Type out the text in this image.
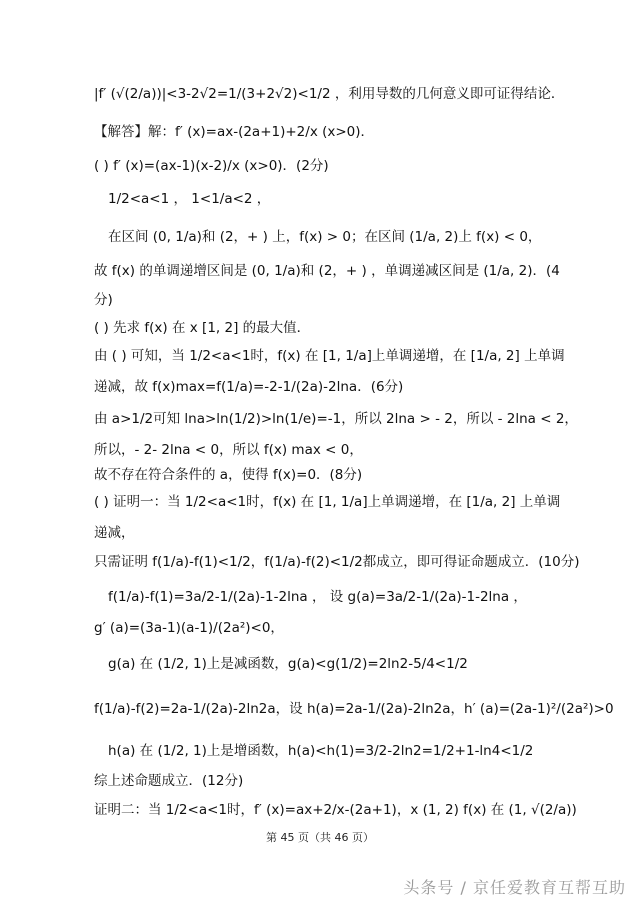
|f′ (√(2/a))|<3-2√2=1/(3+2√2)<1/2 ，利用导数的几何意义即可证得结论．
【解答】解：f′ (x)=ax-(2a+1)+2/x (x>0)．
( ) f′ (x)=(ax-1)(x-2)/x (x>0)．(2分)
1/2<a<1 ， 1<1/a<2 ，
在区间 (0, 1/a)和 (2，+ ) 上，f(x) > 0；在区间 (1/a, 2)上 f(x) < 0，
故 f(x) 的单调递增区间是 (0, 1/a)和 (2，+ ) ，单调递减区间是 (1/a, 2)．(4
分)
( ) 先求 f(x) 在 x [1, 2] 的最大值．
由 ( ) 可知，当 1/2<a<1时，f(x) 在 [1, 1/a]上单调递增，在 [1/a, 2] 上单调
递减，故 f(x)max=f(1/a)=-2-1/(2a)-2lna．(6分)
由 a>1/2可知 lna>ln(1/2)>ln(1/e)=-1，所以 2lna > - 2，所以 - 2lna < 2，
所以，- 2- 2lna < 0，所以 f(x) max < 0，
故不存在符合条件的 a，使得 f(x)=0．(8分)
( ) 证明一：当 1/2<a<1时，f(x) 在 [1, 1/a]上单调递增，在 [1/a, 2] 上单调
递减，
只需证明 f(1/a)-f(1)<1/2，f(1/a)-f(2)<1/2都成立，即可得证命题成立．(10分)
f(1/a)-f(1)=3a/2-1/(2a)-1-2lna ， 设 g(a)=3a/2-1/(2a)-1-2lna ，
g′ (a)=(3a-1)(a-1)/(2a²)<0，
g(a) 在 (1/2, 1)上是减函数，g(a)<g(1/2)=2ln2-5/4<1/2
f(1/a)-f(2)=2a-1/(2a)-2ln2a，设 h(a)=2a-1/(2a)-2ln2a，h′ (a)=(2a-1)²/(2a²)>0
h(a) 在 (1/2, 1)上是增函数，h(a)<h(1)=3/2-2ln2=1/2+1-ln4<1/2
综上述命题成立．(12分)
证明二：当 1/2<a<1时，f′ (x)=ax+2/x-(2a+1)，x (1, 2) f(x) 在 (1, √(2/a))
第 45 页（共 46 页）
头条号 / 京任爱教育互帮互助
